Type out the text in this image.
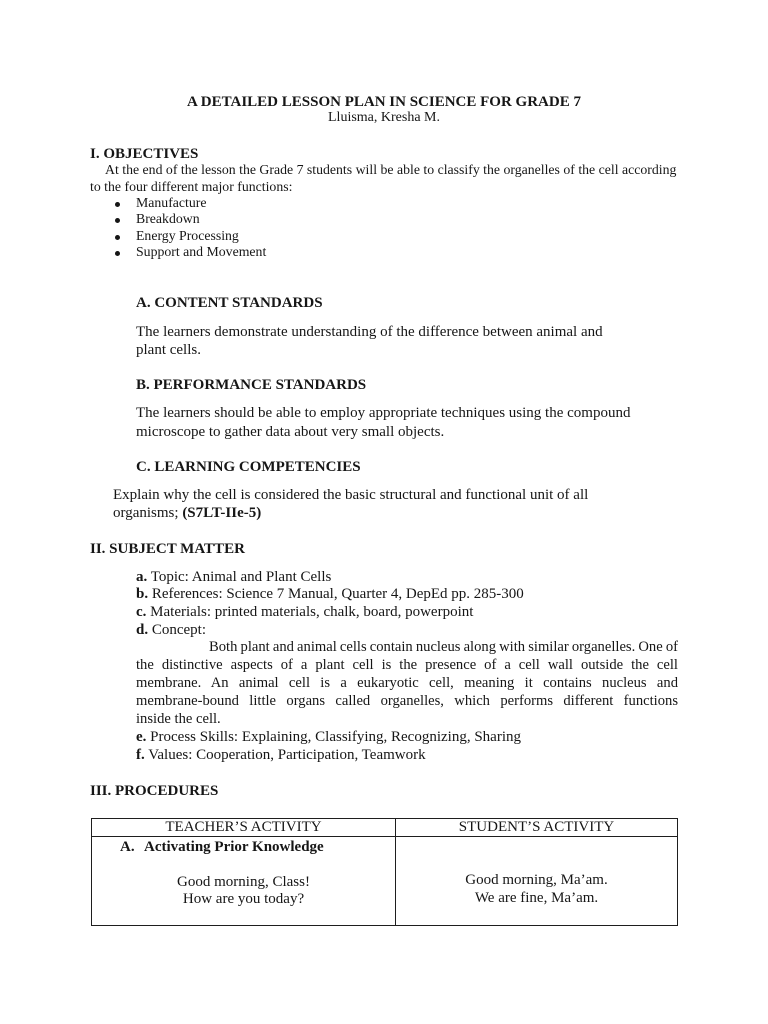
A DETAILED LESSON PLAN IN SCIENCE FOR GRADE 7
Lluisma, Kresha M.
I. OBJECTIVES
At the end of the lesson the Grade 7 students will be able to classify the organelles of the cell according
to the four different major functions:
Manufacture
Breakdown
Energy Processing
Support and Movement
A. CONTENT STANDARDS
The learners demonstrate understanding of the difference between animal and
plant cells.
B. PERFORMANCE STANDARDS
The learners should be able to employ appropriate techniques using the compound
microscope to gather data about very small objects.
C. LEARNING COMPETENCIES
Explain why the cell is considered the basic structural and functional unit of all
organisms; (S7LT-IIe-5)
II. SUBJECT MATTER
a. Topic: Animal and Plant Cells
b. References: Science 7 Manual, Quarter 4, DepEd pp. 285-300
c. Materials: printed materials, chalk, board, powerpoint
d. Concept:
Both plant and animal cells contain nucleus along with similar organelles. One of
the distinctive aspects of a plant cell is the presence of a cell wall outside the cell
membrane. An animal cell is a eukaryotic cell, meaning it contains nucleus and
membrane-bound little organs called organelles, which performs different functions
inside the cell.
e. Process Skills: Explaining, Classifying, Recognizing, Sharing
f. Values: Cooperation, Participation, Teamwork
III. PROCEDURES
TEACHER’S ACTIVITY	STUDENT’S ACTIVITY
A. Activating Prior Knowledge
Good morning, Class!
How are you today?
Good morning, Ma’am.
We are fine, Ma’am.
